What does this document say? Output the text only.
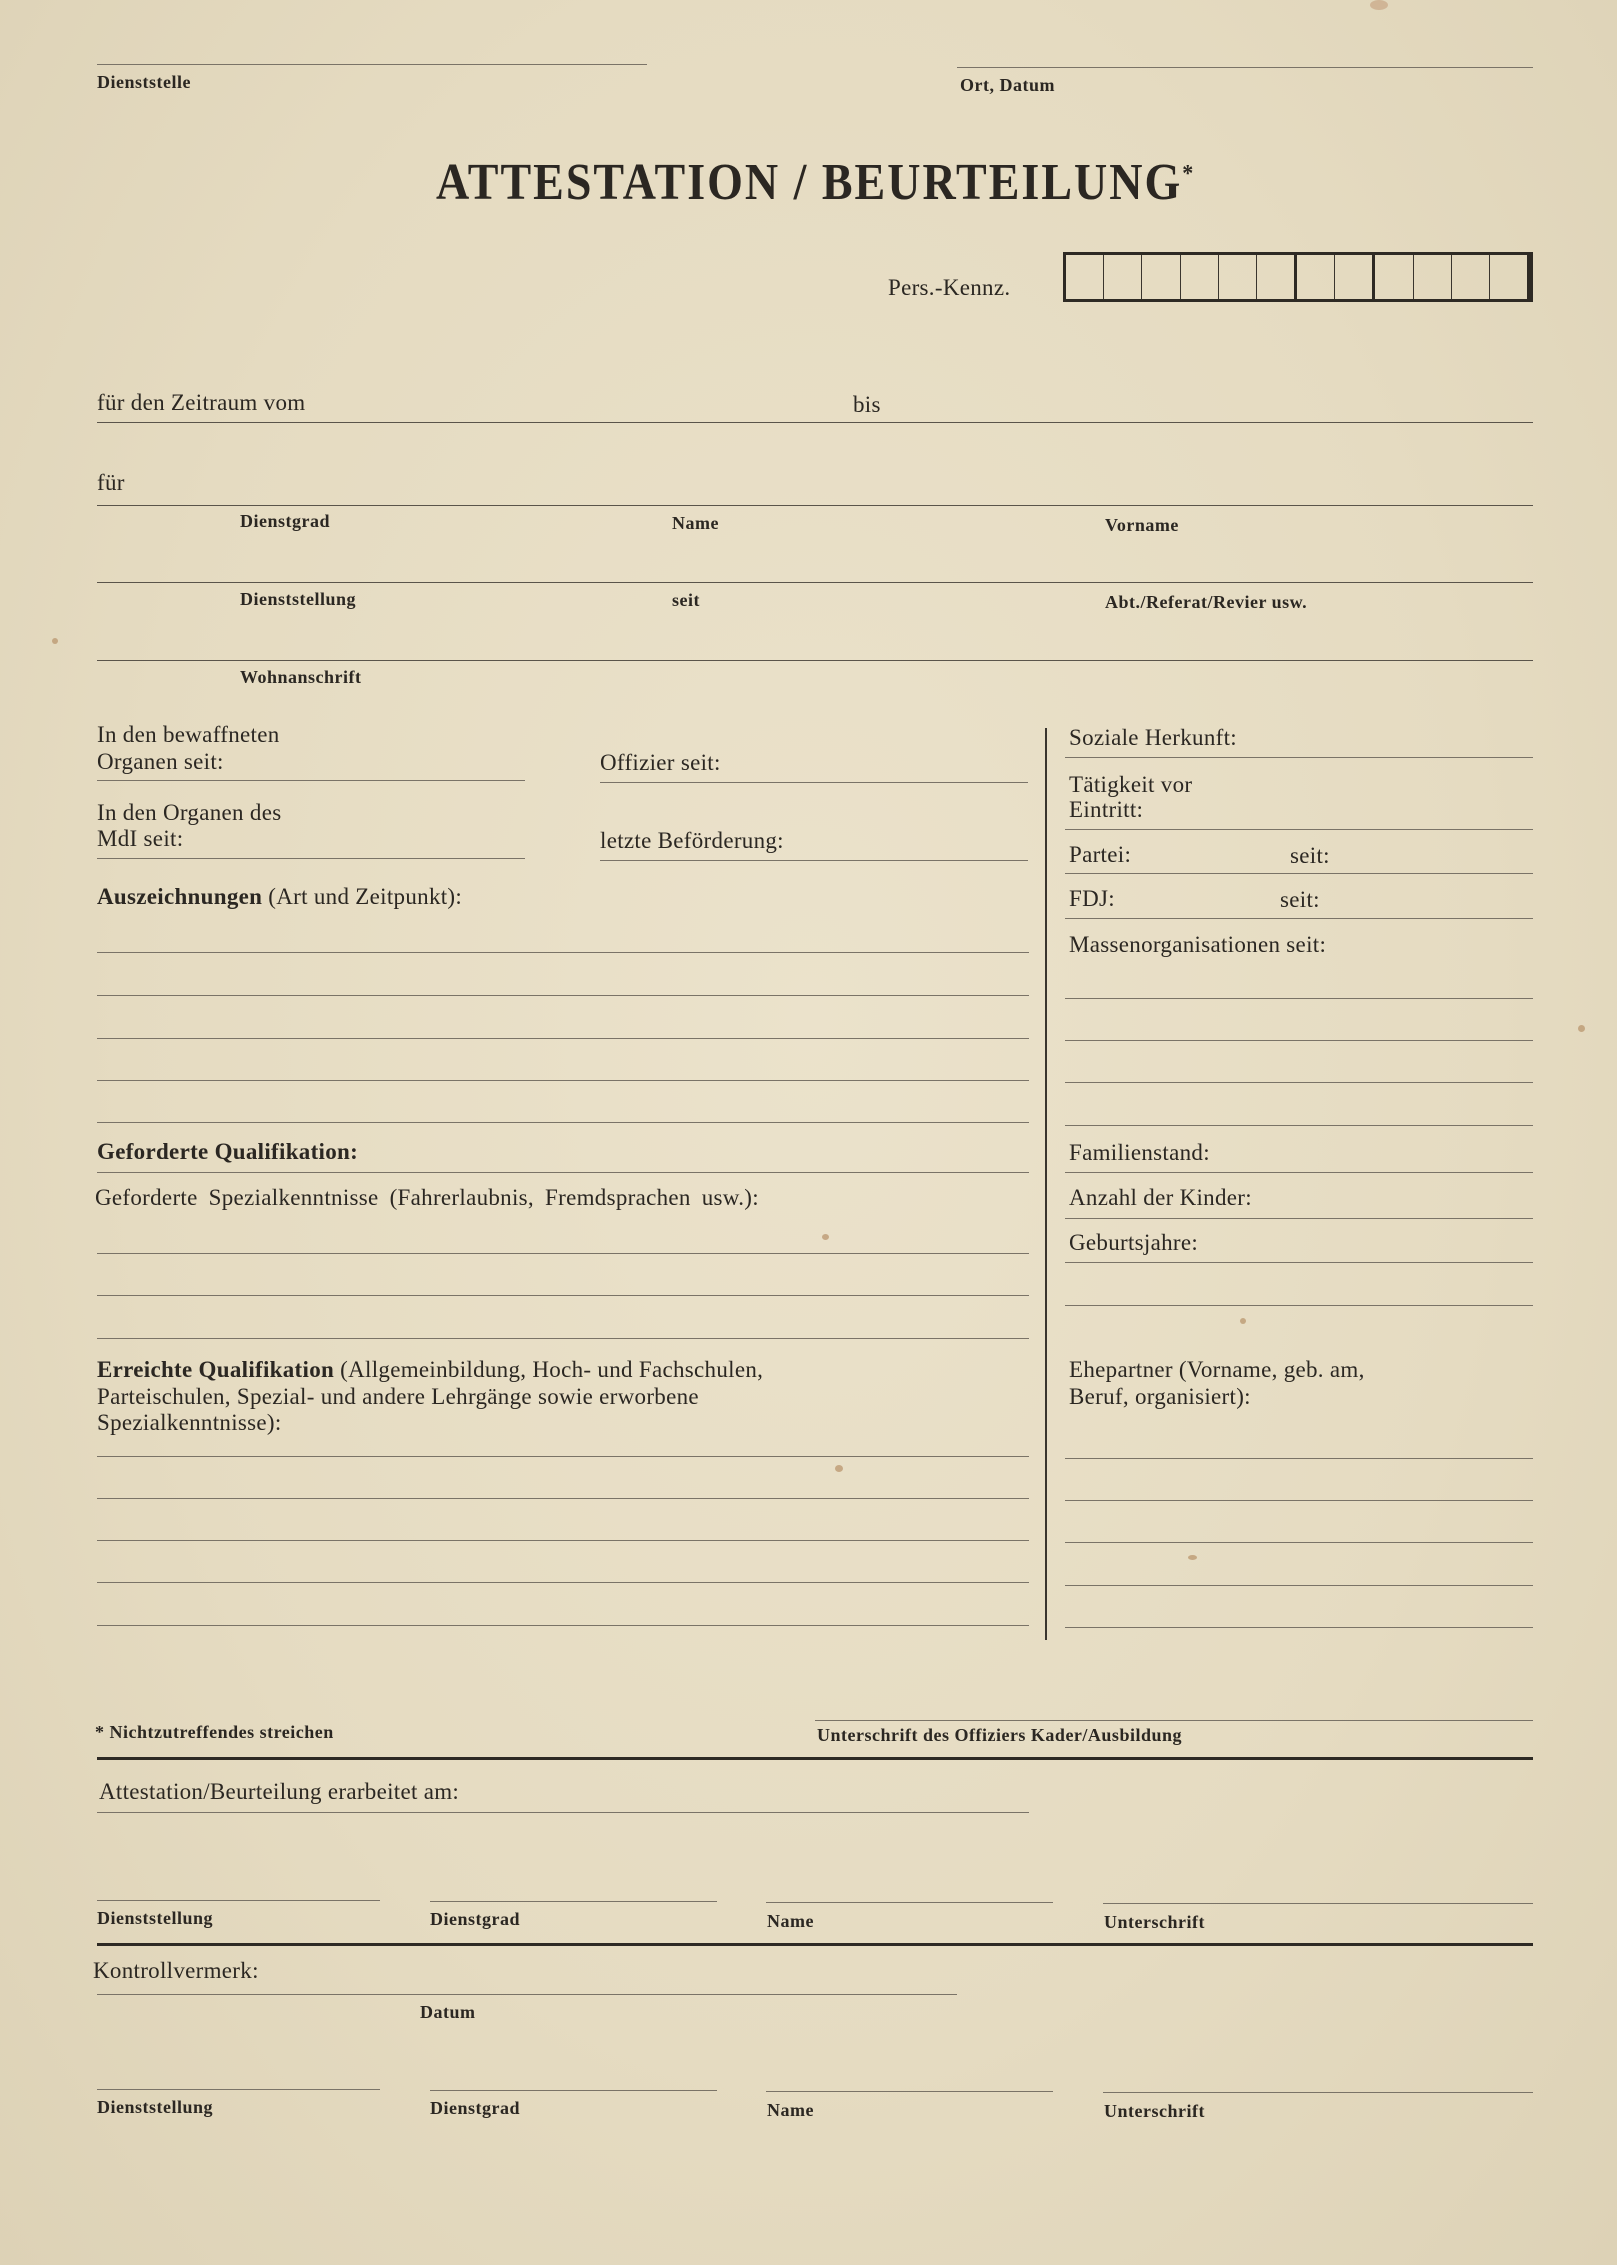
Dienststelle	Ort, Datum
ATTESTATION / BEURTEILUNG*
Pers.-Kennz.
für den Zeitraum vom	bis
für
Dienstgrad	Name	Vorname
Dienststellung	seit	Abt./Referat/Revier usw.
Wohnanschrift
In den bewaffneten
Organen seit:	Offizier seit:
In den Organen des
MdI seit:	letzte Beförderung:
Auszeichnungen (Art und Zeitpunkt):
Geforderte Qualifikation:
Geforderte Spezialkenntnisse (Fahrerlaubnis, Fremdsprachen usw.):
Erreichte Qualifikation (Allgemeinbildung, Hoch- und Fachschulen,
Parteischulen, Spezial- und andere Lehrgänge sowie erworbene
Spezialkenntnisse):
Soziale Herkunft:
Tätigkeit vor
Eintritt:
Partei:	seit:
FDJ:	seit:
Massenorganisationen seit:
Familienstand:
Anzahl der Kinder:
Geburtsjahre:
Ehepartner (Vorname, geb. am,
Beruf, organisiert):
* Nichtzutreffendes streichen	Unterschrift des Offiziers Kader/Ausbildung
Attestation/Beurteilung erarbeitet am:
Dienststellung	Dienstgrad	Name	Unterschrift
Kontrollvermerk:
Datum
Dienststellung	Dienstgrad	Name	Unterschrift
